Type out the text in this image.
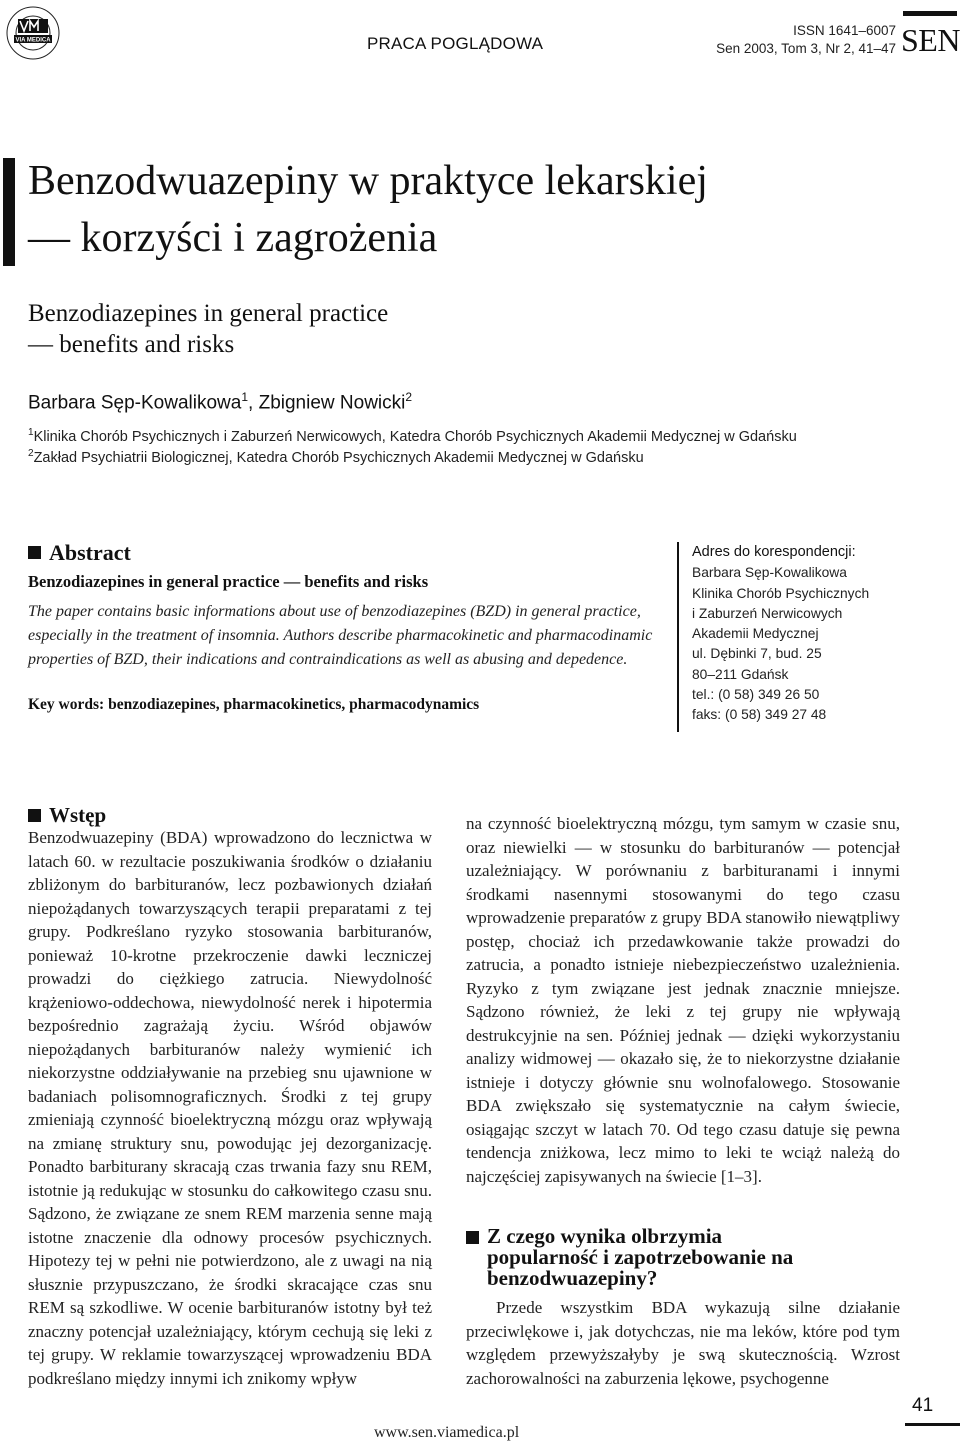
VIA MEDICA	PRACA POGLĄDOWA
ISSN 1641–6007
Sen 2003, Tom 3, Nr 2, 41–47 SEN
Benzodwuazepiny w praktyce lekarskiej
— korzyści i zagrożenia
Benzodiazepines in general practice
— benefits and risks
Barbara Sęp-Kowalikowa$^1$, Zbigniew Nowicki$^2$
$^1$Klinika Chorób Psychicznych i Zaburzeń Nerwicowych, Katedra Chorób Psychicznych Akademii Medycznej w Gdańsku
$^2$Zakład Psychiatrii Biologicznej, Katedra Chorób Psychicznych Akademii Medycznej w Gdańsku
Abstract
Benzodiazepines in general practice — benefits and risks
The paper contains basic informations about use of benzodiazepines (BZD) in general practice, especially in the treatment of insomnia. Authors describe pharmacokinetic and pharmacodinamic properties of BZD, their indications and contraindications as well as abusing and depedence.
Key words: benzodiazepines, pharmacokinetics, pharmacodynamics
Adres do korespondencji:
Barbara Sęp-Kowalikowa
Klinika Chorób Psychicznych
i Zaburzeń Nerwicowych
Akademii Medycznej
ul. Dębinki 7, bud. 25
80–211 Gdańsk
tel.: (0 58) 349 26 50
faks: (0 58) 349 27 48
Wstęp

Benzodwuazepiny (BDA) wprowadzono do lecznictwa w latach 60. w rezultacie poszukiwania środków o działaniu zbliżonym do barbituranów, lecz pozbawionych działań niepożądanych towarzyszących terapii preparatami z tej grupy. Podkreślano ryzyko stosowania barbituranów, ponieważ 10-krotne przekroczenie dawki leczniczej prowadzi do ciężkiego zatrucia. Niewydolność krążeniowo-oddechowa, niewydolność nerek i hipotermia bezpośrednio zagrażają życiu. Wśród objawów niepożądanych barbituranów należy wymienić ich niekorzystne oddziaływanie na przebieg snu ujawnione w badaniach polisomnograficznych. Środki z tej grupy zmieniają czynność bioelektryczną mózgu oraz wpływają na zmianę struktury snu, powodując jej dezorganizację. Ponadto barbiturany skracają czas trwania fazy snu REM, istotnie ją redukując w stosunku do całkowitego czasu snu. Sądzono, że związane ze snem REM marzenia senne mają istotne znaczenie dla odnowy procesów psychicznych. Hipotezy tej w pełni nie potwierdzono, ale z uwagi na nią słusznie przypuszczano, że środki skracające czas snu REM są szkodliwe. W ocenie barbituranów istotny był też znaczny potencjał uzależniający, którym cechują się leki z tej grupy. W reklamie towarzyszącej wprowadzeniu BDA podkreślano między innymi ich znikomy wpływ

na czynność bioelektryczną mózgu, tym samym w czasie snu, oraz niewielki — w stosunku do barbituranów — potencjał uzależniający. W porównaniu z barbituranami i innymi środkami nasennymi stosowanymi do tego czasu wprowadzenie preparatów z grupy BDA stanowiło niewątpliwy postęp, chociaż ich przedawkowanie także prowadzi do zatrucia, a ponadto istnieje niebezpieczeństwo uzależnienia. Ryzyko z tym związane jest jednak znacznie mniejsze. Sądzono również, że leki z tej grupy nie wpływają destrukcyjnie na sen. Później jednak — dzięki wykorzystaniu analizy widmowej — okazało się, że to niekorzystne działanie istnieje i dotyczy głównie snu wolnofalowego. Stosowanie BDA zwiększało się systematycznie na całym świecie, osiągając szczyt w latach 70. Od tego czasu datuje się pewna tendencja zniżkowa, lecz mimo to leki te wciąż należą do najczęściej zapisywanych na świecie [1–3].

Z czego wynika olbrzymia popularność i zapotrzebowanie na benzodwuazepiny?

Przede wszystkim BDA wykazują silne działanie przeciwlękowe i, jak dotychczas, nie ma leków, które pod tym względem przewyższałyby je swą skutecznością. Wzrost zachorowalności na zaburzenia lękowe, psychogenne

www.sen.viamedica.pl
41
